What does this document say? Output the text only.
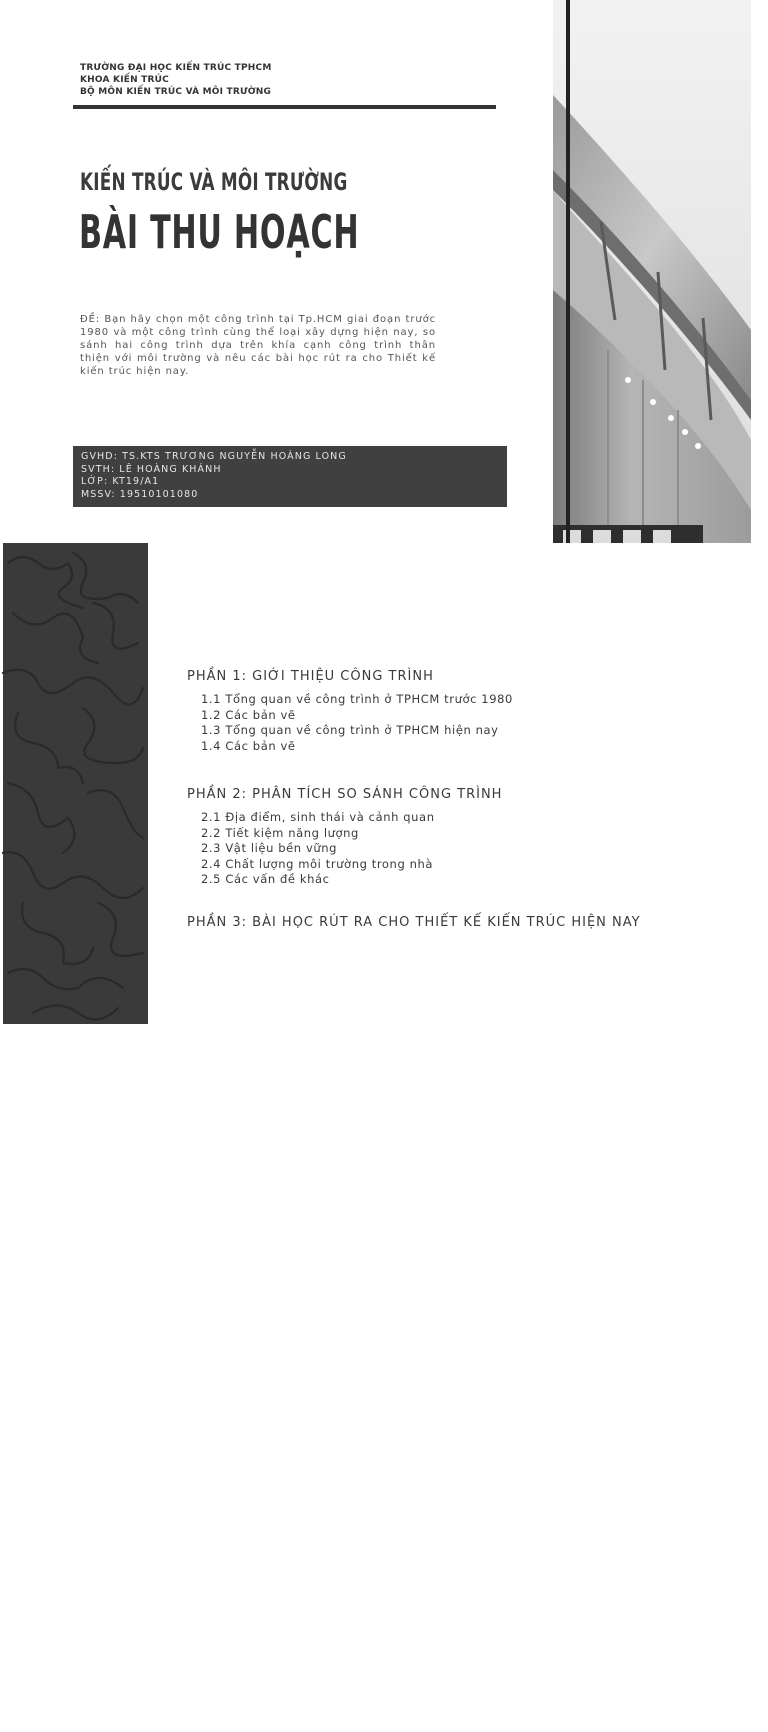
TRƯỜNG ĐẠI HỌC KIẾN TRÚC TPHCM
KHOA KIẾN TRÚC
BỘ MÔN KIẾN TRÚC VÀ MÔI TRƯỜNG
KIẾN TRÚC VÀ MÔI TRƯỜNG
BÀI THU HOẠCH
ĐỀ: Bạn hãy chọn một công trình tại Tp.HCM giai đoạn trước 1980 và một công trình cùng thể loại xây dựng hiện nay, so sánh hai công trình dựa trên khía cạnh công trình thân thiện với môi trường và nêu các bài học rút ra cho Thiết kế kiến trúc hiện nay.
GVHD: TS.KTS TRƯƠNG NGUYỄN HOÀNG LONG
SVTH: LÊ HOÀNG KHÁNH
LỚP: KT19/A1
MSSV: 19510101080
MỤC LỤC
PHẦN 1: GIỚI THIỆU CÔNG TRÌNH
1.1 Tổng quan về công trình ở TPHCM trước 1980
1.2 Các bản vẽ
1.3 Tổng quan về công trình ở TPHCM hiện nay
1.4 Các bản vẽ
PHẦN 2: PHÂN TÍCH SO SÁNH CÔNG TRÌNH
2.1 Địa điểm, sinh thái và cảnh quan
2.2 Tiết kiệm năng lượng
2.3 Vật liệu bền vững
2.4 Chất lượng môi trường trong nhà
2.5 Các vấn đề khác
PHẦN 3: BÀI HỌC RÚT RA CHO THIẾT KẾ KIẾN TRÚC HIỆN NAY
